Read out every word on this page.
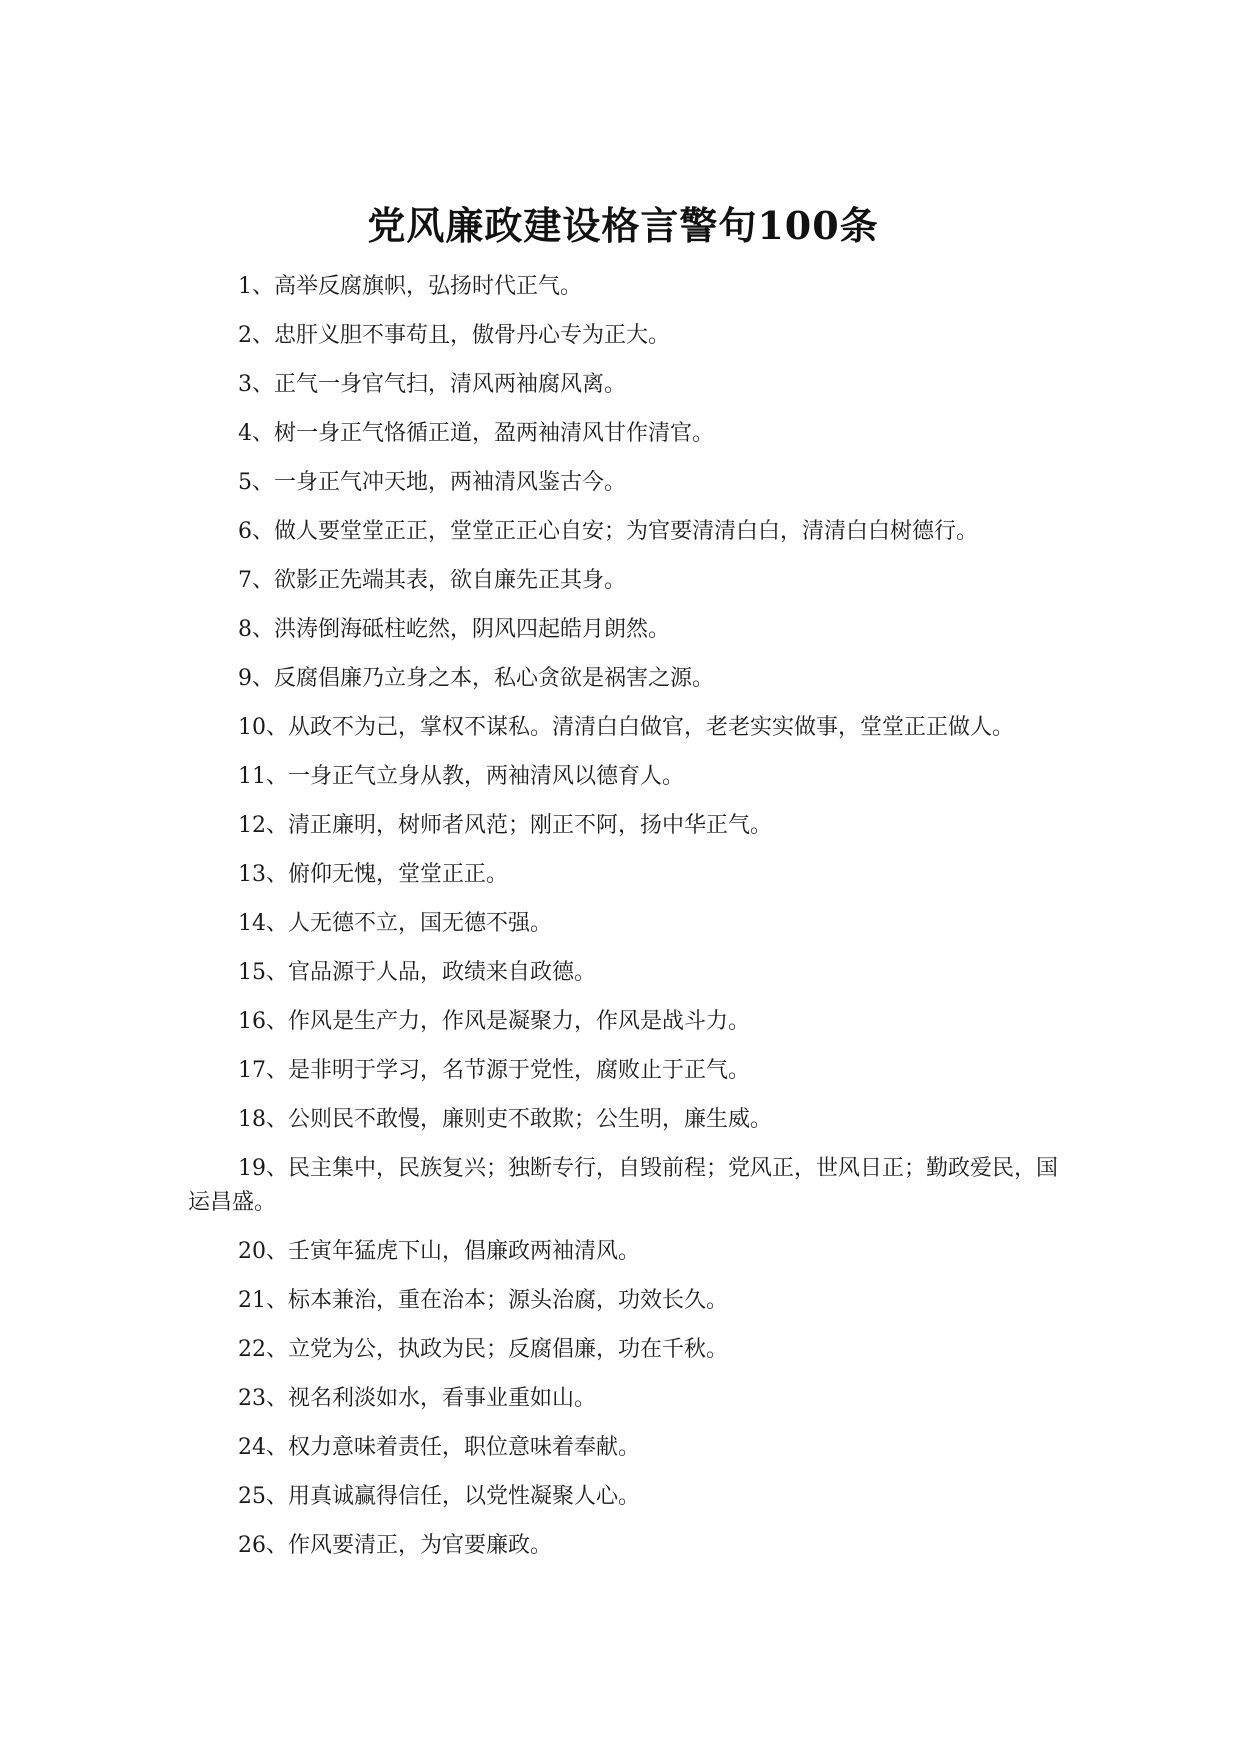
党风廉政建设格言警句100条
1、高举反腐旗帜，弘扬时代正气。
2、忠肝义胆不事苟且，傲骨丹心专为正大。
3、正气一身官气扫，清风两袖腐风离。
4、树一身正气恪循正道，盈两袖清风甘作清官。
5、一身正气冲天地，两袖清风鉴古今。
6、做人要堂堂正正，堂堂正正心自安；为官要清清白白，清清白白树德行。
7、欲影正先端其表，欲自廉先正其身。
8、洪涛倒海砥柱屹然，阴风四起皓月朗然。
9、反腐倡廉乃立身之本，私心贪欲是祸害之源。
10、从政不为己，掌权不谋私。清清白白做官，老老实实做事，堂堂正正做人。
11、一身正气立身从教，两袖清风以德育人。
12、清正廉明，树师者风范；刚正不阿，扬中华正气。
13、俯仰无愧，堂堂正正。
14、人无德不立，国无德不强。
15、官品源于人品，政绩来自政德。
16、作风是生产力，作风是凝聚力，作风是战斗力。
17、是非明于学习，名节源于党性，腐败止于正气。
18、公则民不敢慢，廉则吏不敢欺；公生明，廉生威。
19、民主集中，民族复兴；独断专行，自毁前程；党风正，世风日正；勤政爱民，国运昌盛。
20、壬寅年猛虎下山，倡廉政两袖清风。
21、标本兼治，重在治本；源头治腐，功效长久。
22、立党为公，执政为民；反腐倡廉，功在千秋。
23、视名利淡如水，看事业重如山。
24、权力意味着责任，职位意味着奉献。
25、用真诚赢得信任，以党性凝聚人心。
26、作风要清正，为官要廉政。
